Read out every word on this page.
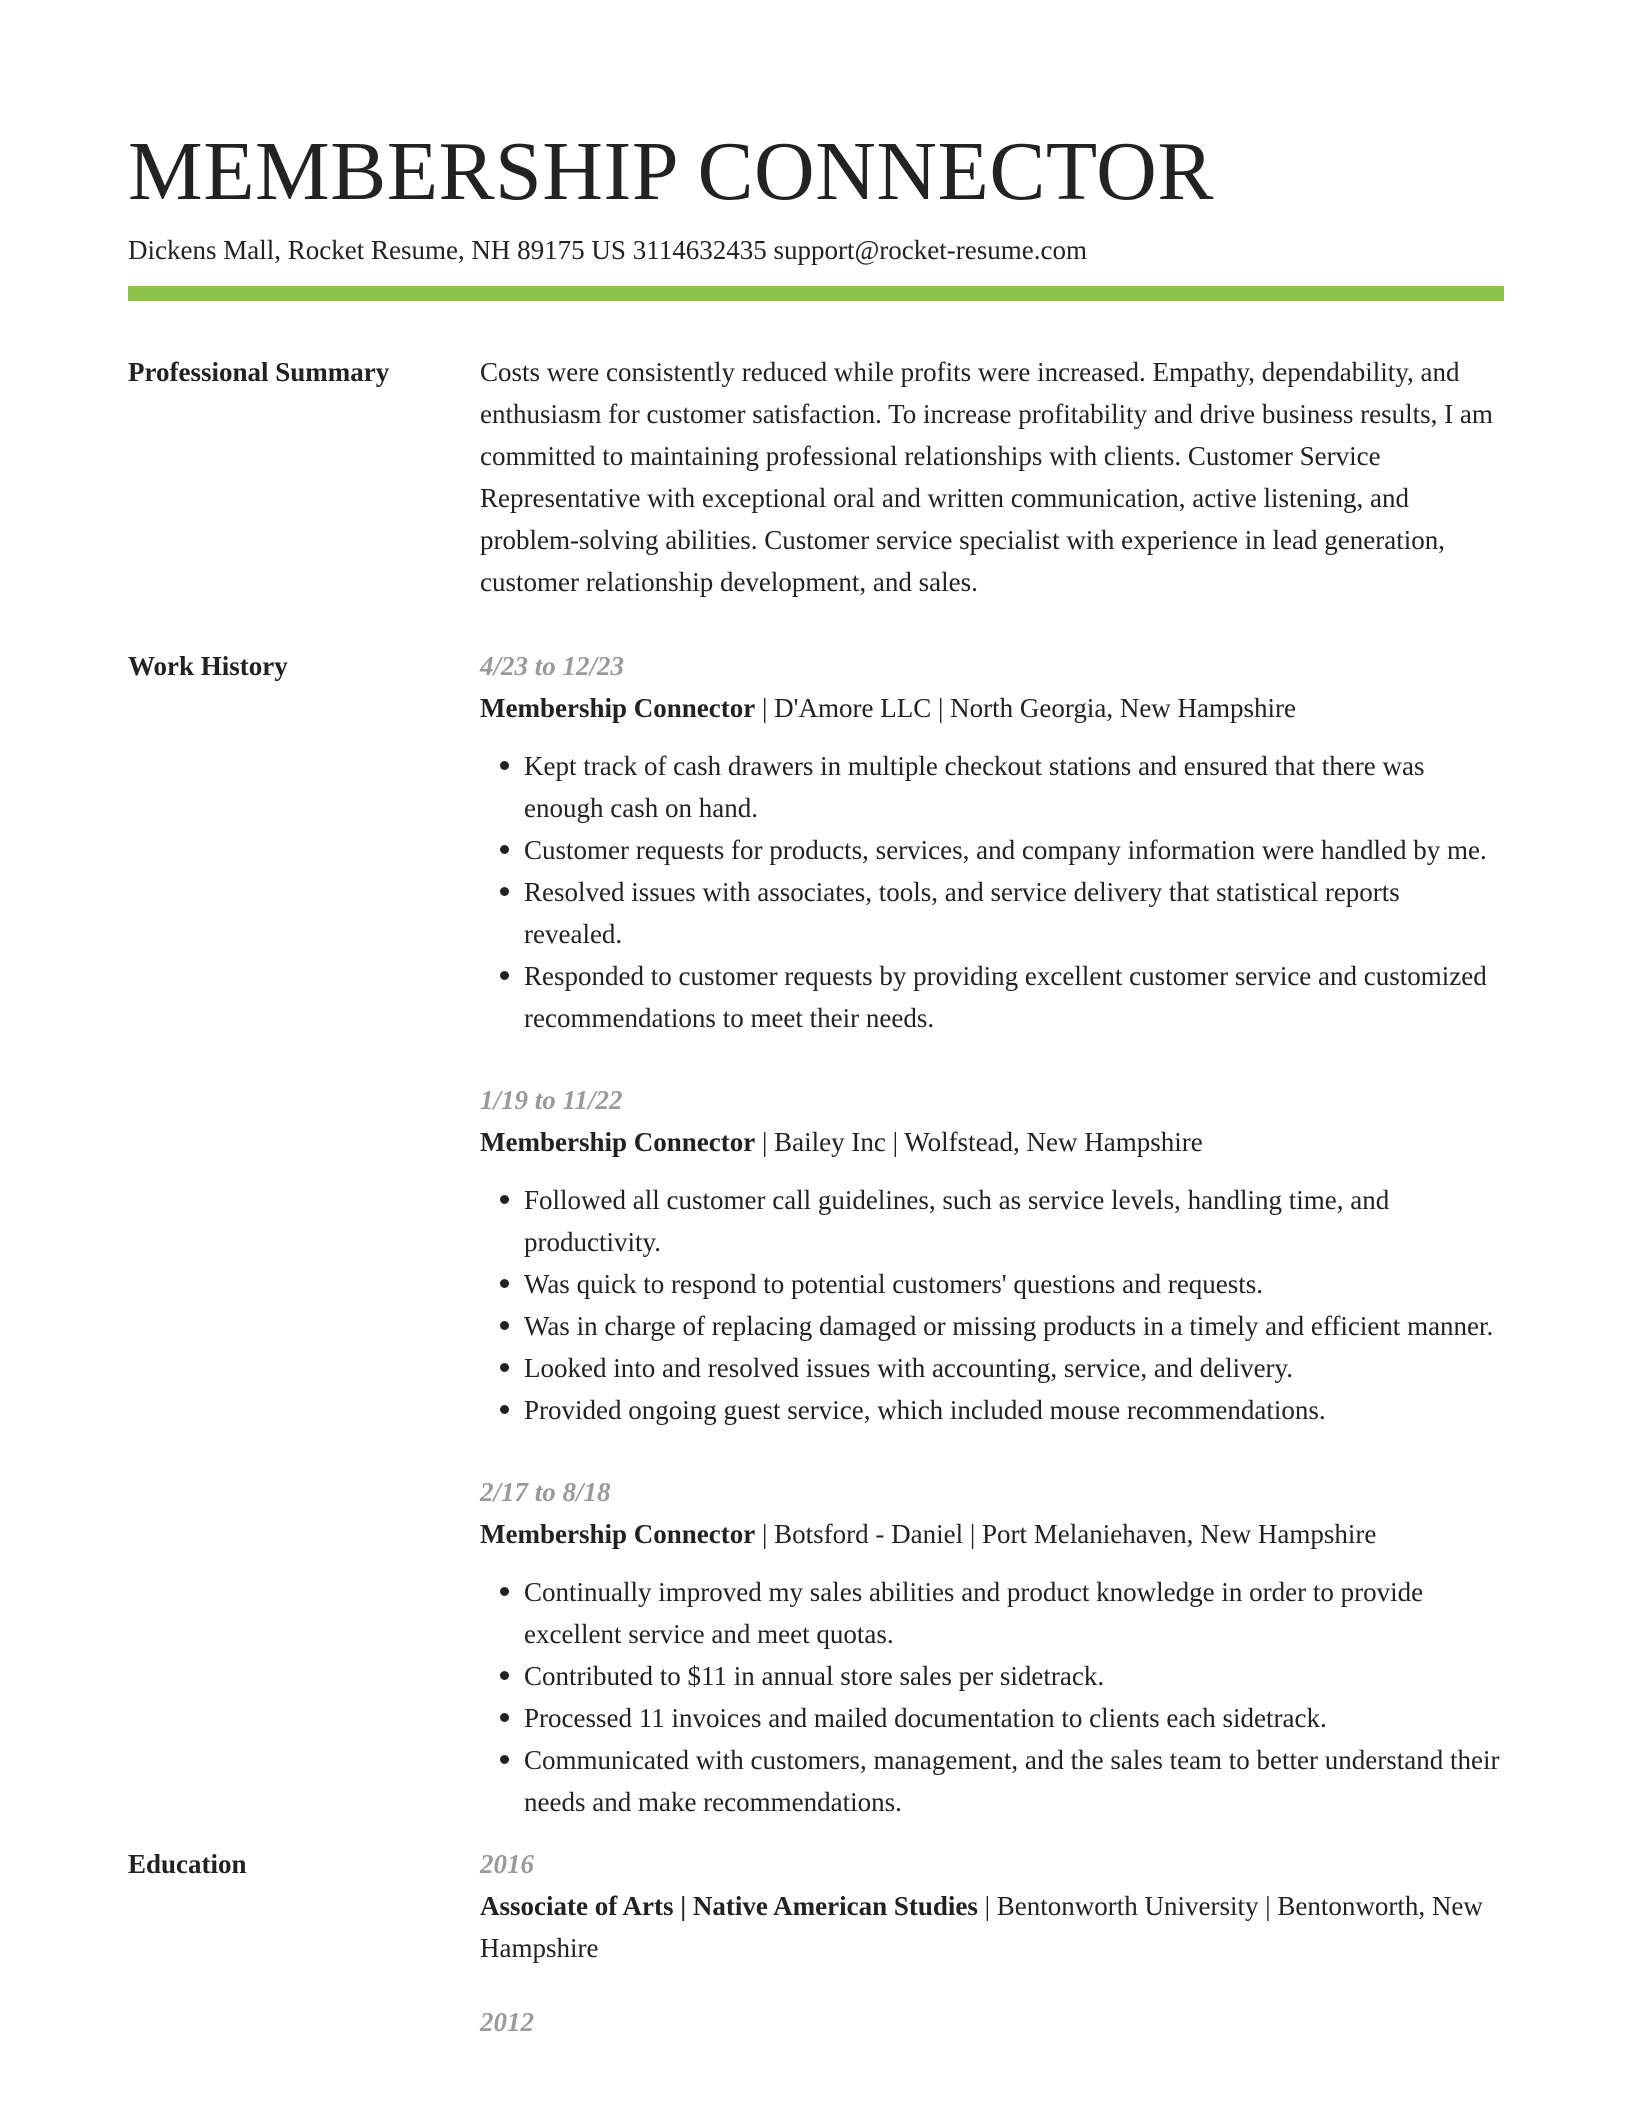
MEMBERSHIP CONNECTOR
Dickens Mall, Rocket Resume, NH 89175 US 3114632435 support@rocket-resume.com
Professional Summary	Costs were consistently reduced while profits were increased. Empathy, dependability, and enthusiasm for customer satisfaction. To increase profitability and drive business results, I am committed to maintaining professional relationships with clients. Customer Service Representative with exceptional oral and written communication, active listening, and problem-solving abilities. Customer service specialist with experience in lead generation, customer relationship development, and sales.

Work History	4/23 to 12/23
Membership Connector | D'Amore LLC | North Georgia, New Hampshire
Kept track of cash drawers in multiple checkout stations and ensured that there was enough cash on hand.
Customer requests for products, services, and company information were handled by me.
Resolved issues with associates, tools, and service delivery that statistical reports revealed.
Responded to customer requests by providing excellent customer service and customized recommendations to meet their needs.
1/19 to 11/22
Membership Connector | Bailey Inc | Wolfstead, New Hampshire
Followed all customer call guidelines, such as service levels, handling time, and productivity.
Was quick to respond to potential customers' questions and requests.
Was in charge of replacing damaged or missing products in a timely and efficient manner.
Looked into and resolved issues with accounting, service, and delivery.
Provided ongoing guest service, which included mouse recommendations.
2/17 to 8/18
Membership Connector | Botsford - Daniel | Port Melaniehaven, New Hampshire
Continually improved my sales abilities and product knowledge in order to provide excellent service and meet quotas.
Contributed to $11 in annual store sales per sidetrack.
Processed 11 invoices and mailed documentation to clients each sidetrack.
Communicated with customers, management, and the sales team to better understand their needs and make recommendations.
Education	2016
Associate of Arts | Native American Studies | Bentonworth University | Bentonworth, New Hampshire
2012
